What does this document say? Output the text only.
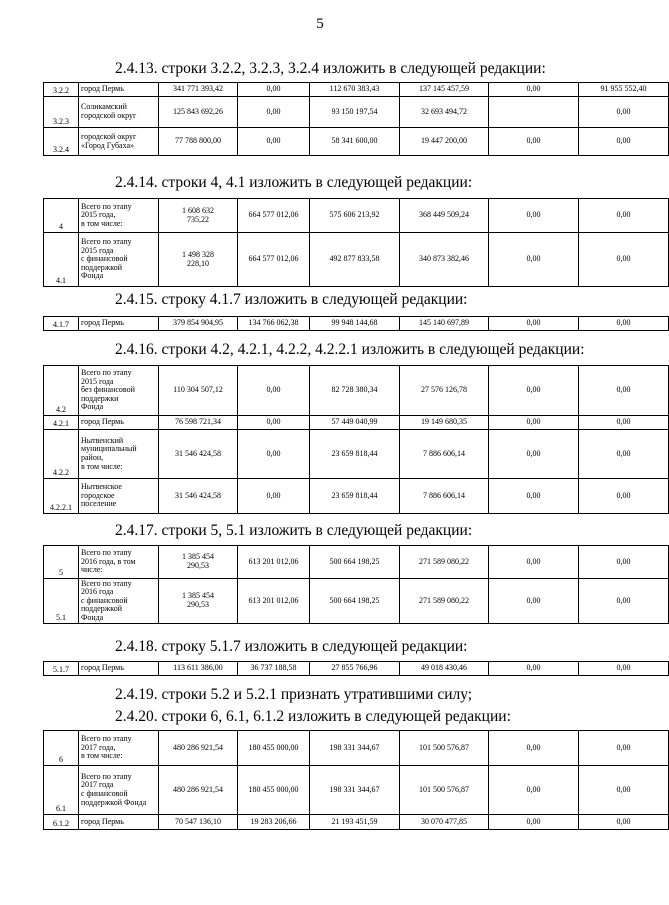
5
2.4.13. строки 3.2.2, 3.2.3, 3.2.4 изложить в следующей редакции:
3.2.2	город Пермь	341 771 393,42	0,00	112 670 383,43	137 145 457,59	0,00	91 955 552,40
3.2.3	Соликамский
городской округ	125 843 692,26	0,00	93 150 197,54	32 693 494,72		0,00
3.2.4	городской округ
«Город Губаха»	77 788 800,00	0,00	58 341 600,00	19 447 200,00	0,00	0,00
2.4.14. строки 4, 4.1 изложить в следующей редакции:
4	Всего по этапу
2015 года,
в том числе:	1 608 632
735,22	664 577 012,06	575 606 213,92	368 449 509,24	0,00	0,00
4.1	Всего по этапу
2015 года
с финансовой
поддержкой
Фонда	1 498 328
228,10	664 577 012,06	492 877 833,58	340 873 382,46	0,00	0,00
2.4.15. строку 4.1.7 изложить в следующей редакции:
4.1.7	город Пермь	379 854 904,95	134 766 062,38	99 948 144,68	145 140 697,89	0,00	0,00
2.4.16. строки 4.2, 4.2.1, 4.2.2, 4.2.2.1 изложить в следующей редакции:
4.2	Всего по этапу
2015 года
без финансовой
поддержки
Фонда	110 304 507,12	0,00	82 728 380,34	27 576 126,78	0,00	0,00
4.2.1	город Пермь	76 598 721,34	0,00	57 449 040,99	19 149 680,35	0,00	0,00
4.2.2	Нытвенский
муниципальный
район,
в том числе:	31 546 424,58	0,00	23 659 818,44	7 886 606,14	0,00	0,00
4.2.2.1	Нытвенское
городское
поселение	31 546 424,58	0,00	23 659 818,44	7 886 606,14	0,00	0,00
2.4.17. строки 5, 5.1 изложить в следующей редакции:
5	Всего по этапу
2016 года, в том
числе:	1 385 454
290,53	613 201 012,06	500 664 198,25	271 589 080,22	0,00	0,00
5.1	Всего по этапу
2016 года
с финансовой
поддержкой
Фонда	1 385 454
290,53	613 201 012,06	500 664 198,25	271 589 080,22	0,00	0,00
2.4.18. строку 5.1.7 изложить в следующей редакции:
5.1.7	город Пермь	113 611 386,00	36 737 188,58	27 855 766,96	49 018 430,46	0,00	0,00
2.4.19. строки 5.2 и 5.2.1 признать утратившими силу;
2.4.20. строки 6, 6.1, 6.1.2 изложить в следующей редакции:
6	Всего по этапу
2017 года,
в том числе:	480 286 921,54	180 455 000,00	198 331 344,67	101 500 576,87	0,00	0,00
6.1	Всего по этапу
2017 года
с финансовой
поддержкой Фонда	480 286 921,54	180 455 000,00	198 331 344,67	101 500 576,87	0,00	0,00
6.1.2	город Пермь	70 547 136,10	19 283 206,66	21 193 451,59	30 070 477,85	0,00	0,00
